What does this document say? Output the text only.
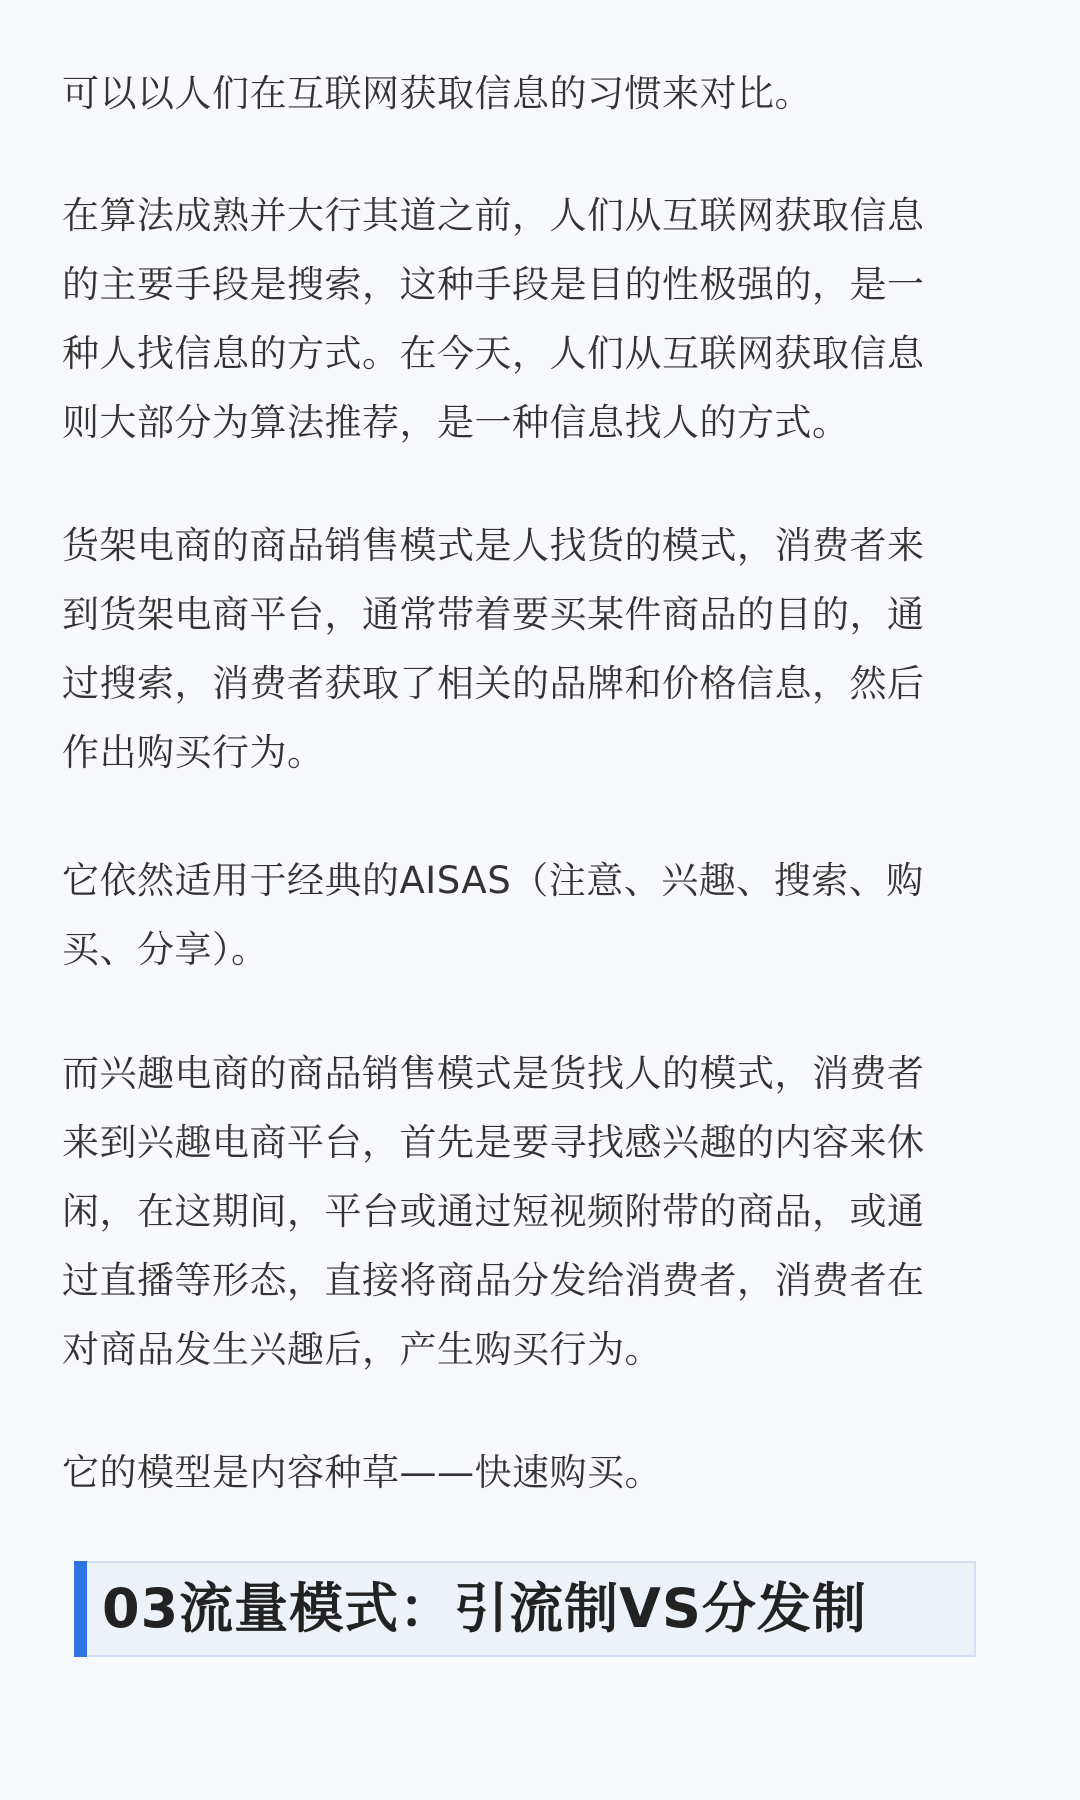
可以以人们在互联网获取信息的习惯来对比。

在算法成熟并大行其道之前，人们从互联网获取信息
的主要手段是搜索，这种手段是目的性极强的，是一
种人找信息的方式。在今天，人们从互联网获取信息
则大部分为算法推荐，是一种信息找人的方式。

货架电商的商品销售模式是人找货的模式，消费者来
到货架电商平台，通常带着要买某件商品的目的，通
过搜索，消费者获取了相关的品牌和价格信息，然后
作出购买行为。

它依然适用于经典的AISAS（注意、兴趣、搜索、购
买、分享）。

而兴趣电商的商品销售模式是货找人的模式，消费者
来到兴趣电商平台，首先是要寻找感兴趣的内容来休
闲，在这期间，平台或通过短视频附带的商品，或通
过直播等形态，直接将商品分发给消费者，消费者在
对商品发生兴趣后，产生购买行为。

它的模型是内容种草——快速购买。

03流量模式：引流制VS分发制
